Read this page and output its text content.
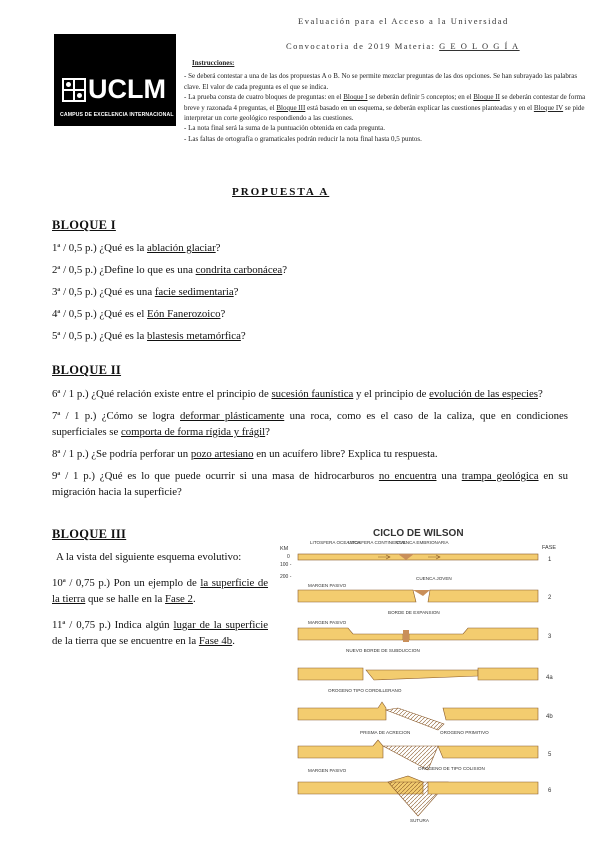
Evaluación para el Acceso a la Universidad
Convocatoria de 2019 Materia: G E O L O G Í A
UCLM
CAMPUS DE EXCELENCIA INTERNACIONAL

Instrucciones:

- Se deberá contestar a una de las dos propuestas A o B. No se permite mezclar preguntas de las dos opciones. Se han subrayado las palabras clave. El valor de cada pregunta es el que se indica.

- La prueba consta de cuatro bloques de preguntas: en el Bloque I se deberán definir 5 conceptos; en el Bloque II se deberán contestar de forma breve y razonada 4 preguntas, el Bloque III está basado en un esquema, se deberán explicar las cuestiones planteadas y en el Bloque IV se pide interpretar un corte geológico respondiendo a las cuestiones.

- La nota final será la suma de la puntuación obtenida en cada pregunta.

- Las faltas de ortografía o gramaticales podrán reducir la nota final hasta 0,5 puntos.

PROPUESTA A
BLOQUE I

1ª / 0,5 p.) ¿Qué es la ablación glaciar?

2ª / 0,5 p.) ¿Define lo que es una condrita carbonácea?

3ª / 0,5 p.) ¿Qué es una facie sedimentaria?

4ª / 0,5 p.) ¿Qué es el Eón Fanerozoico?

5ª / 0,5 p.) ¿Qué es la blastesis metamórfica?

BLOQUE II

6ª / 1 p.) ¿Qué relación existe entre el principio de sucesión faunística y el principio de evolución de las especies?

7ª / 1 p.) ¿Cómo se logra deformar plásticamente una roca, como es el caso de la caliza, que en condiciones superficiales se comporta de forma rígida y frágil?

8ª / 1 p.) ¿Se podría perforar un pozo artesiano en un acuífero libre? Explica tu respuesta.

9ª / 1 p.) ¿Qué es lo que puede ocurrir si una masa de hidrocarburos no encuentra una trampa geológica en su migración hacia la superficie?

BLOQUE III
A la vista del siguiente esquema evolutivo:

10ª / 0,75 p.) Pon un ejemplo de la superficie de la tierra que se halle en la Fase 2.

11ª / 0,75 p.) Indica algún lugar de la superficie de la tierra que se encuentre en la Fase 4b.

CICLO DE WILSON
KM
0
100 -
200 -
FASE
LITOSFERA OCEANICA
LITOSFERA CONTINENTAL
CUENCA EMBRIONARIA
1
MARGEN PASIVO
CUENCA JOVEN
2
BORDE DE EXPANSION
MARGEN PASIVO
3
NUEVO BORDE DE SUBDUCCION
4a
OROGENO TIPO CORDILLERANO
4b
PRISMA DE ACRECION	OROGENO PRIMITIVO
5
MARGEN PASIVO	OROGENO DE TIPO COLISION
6
SUTURA
